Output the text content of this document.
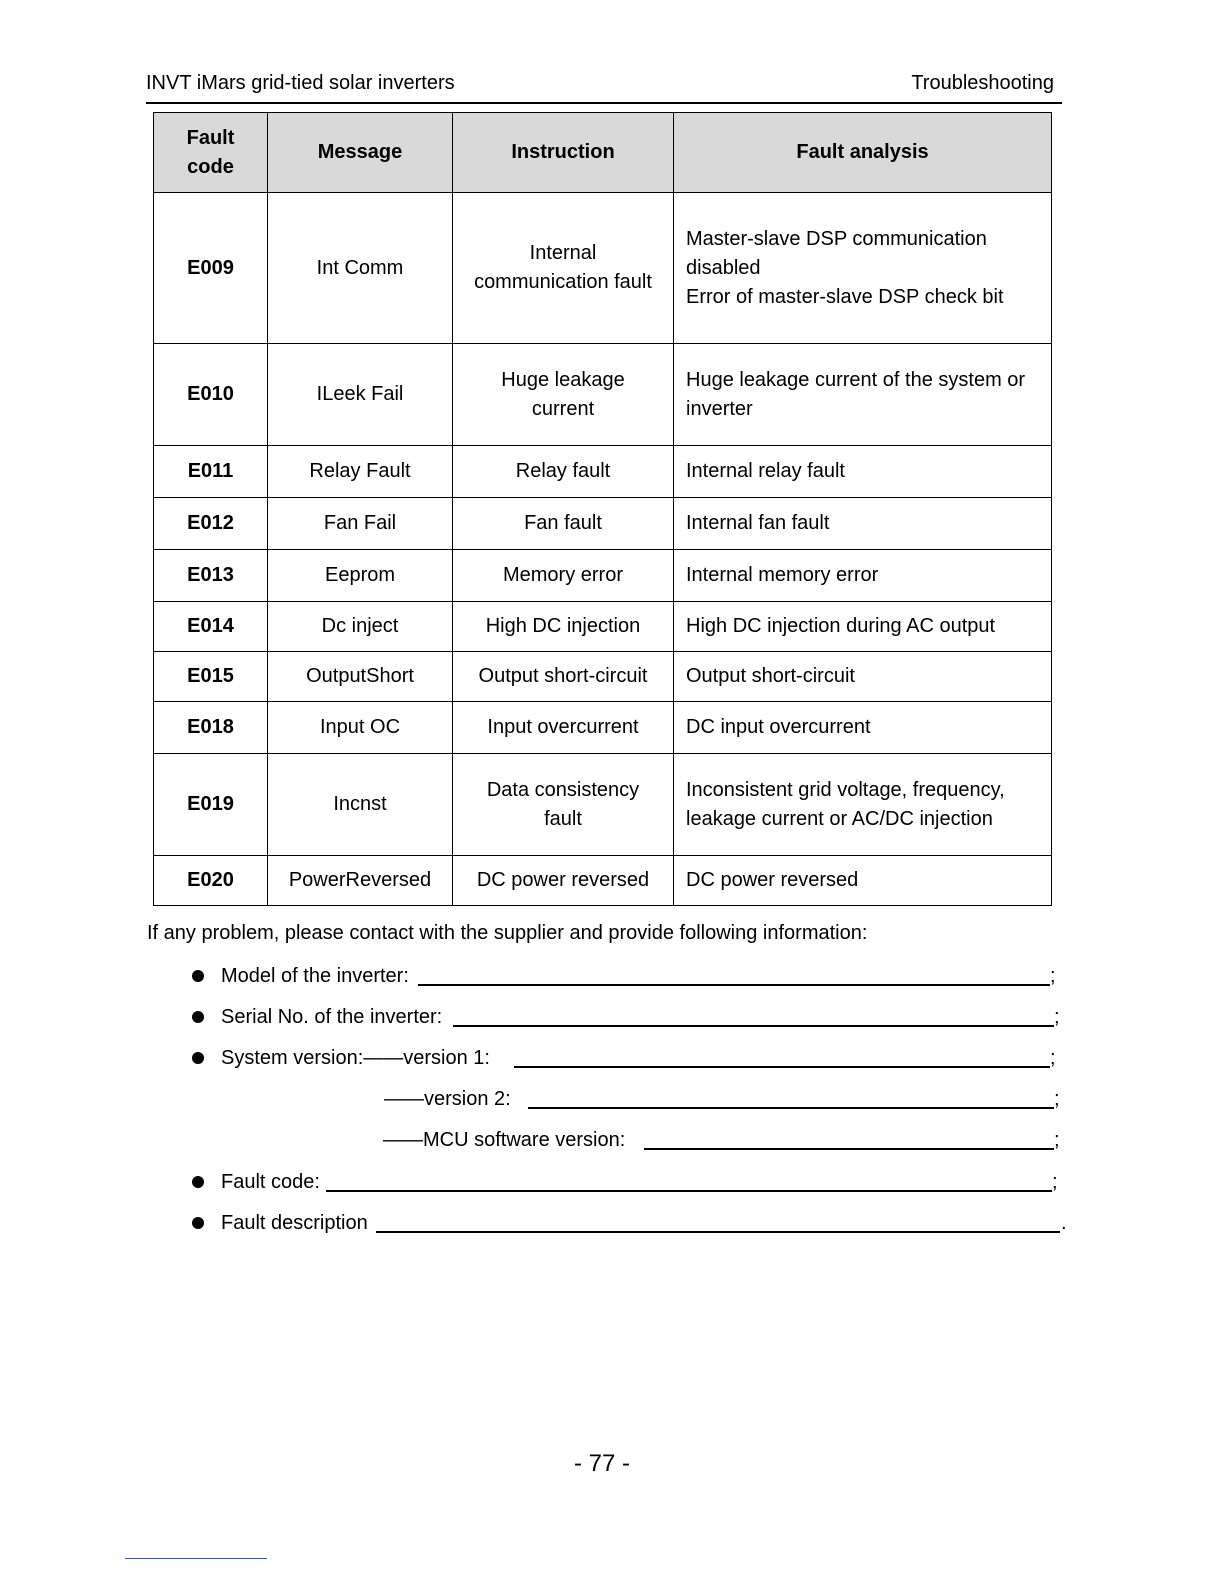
INVT iMars grid-tied solar inverters	Troubleshooting
Fault
code	Message	Instruction	Fault analysis
E009	Int Comm	Internal communication fault	Master-slave DSP communication disabled
Error of master-slave DSP check bit
E010	ILeek Fail	Huge leakage current	Huge leakage current of the system or inverter
E011	Relay Fault	Relay fault	Internal relay fault
E012	Fan Fail	Fan fault	Internal fan fault
E013	Eeprom	Memory error	Internal memory error
E014	Dc inject	High DC injection	High DC injection during AC output
E015	OutputShort	Output short-circuit	Output short-circuit
E018	Input OC	Input overcurrent	DC input overcurrent
E019	Incnst	Data consistency fault	Inconsistent grid voltage, frequency, leakage current or AC/DC injection
E020	PowerReversed	DC power reversed	DC power reversed
If any problem, please contact with the supplier and provide following information:
Model of the inverter:	;
Serial No. of the inverter:	;
System version:——version 1:	;
——version 2:	;
——MCU software version:	;
Fault code:	;
Fault description	.
- 77 -
